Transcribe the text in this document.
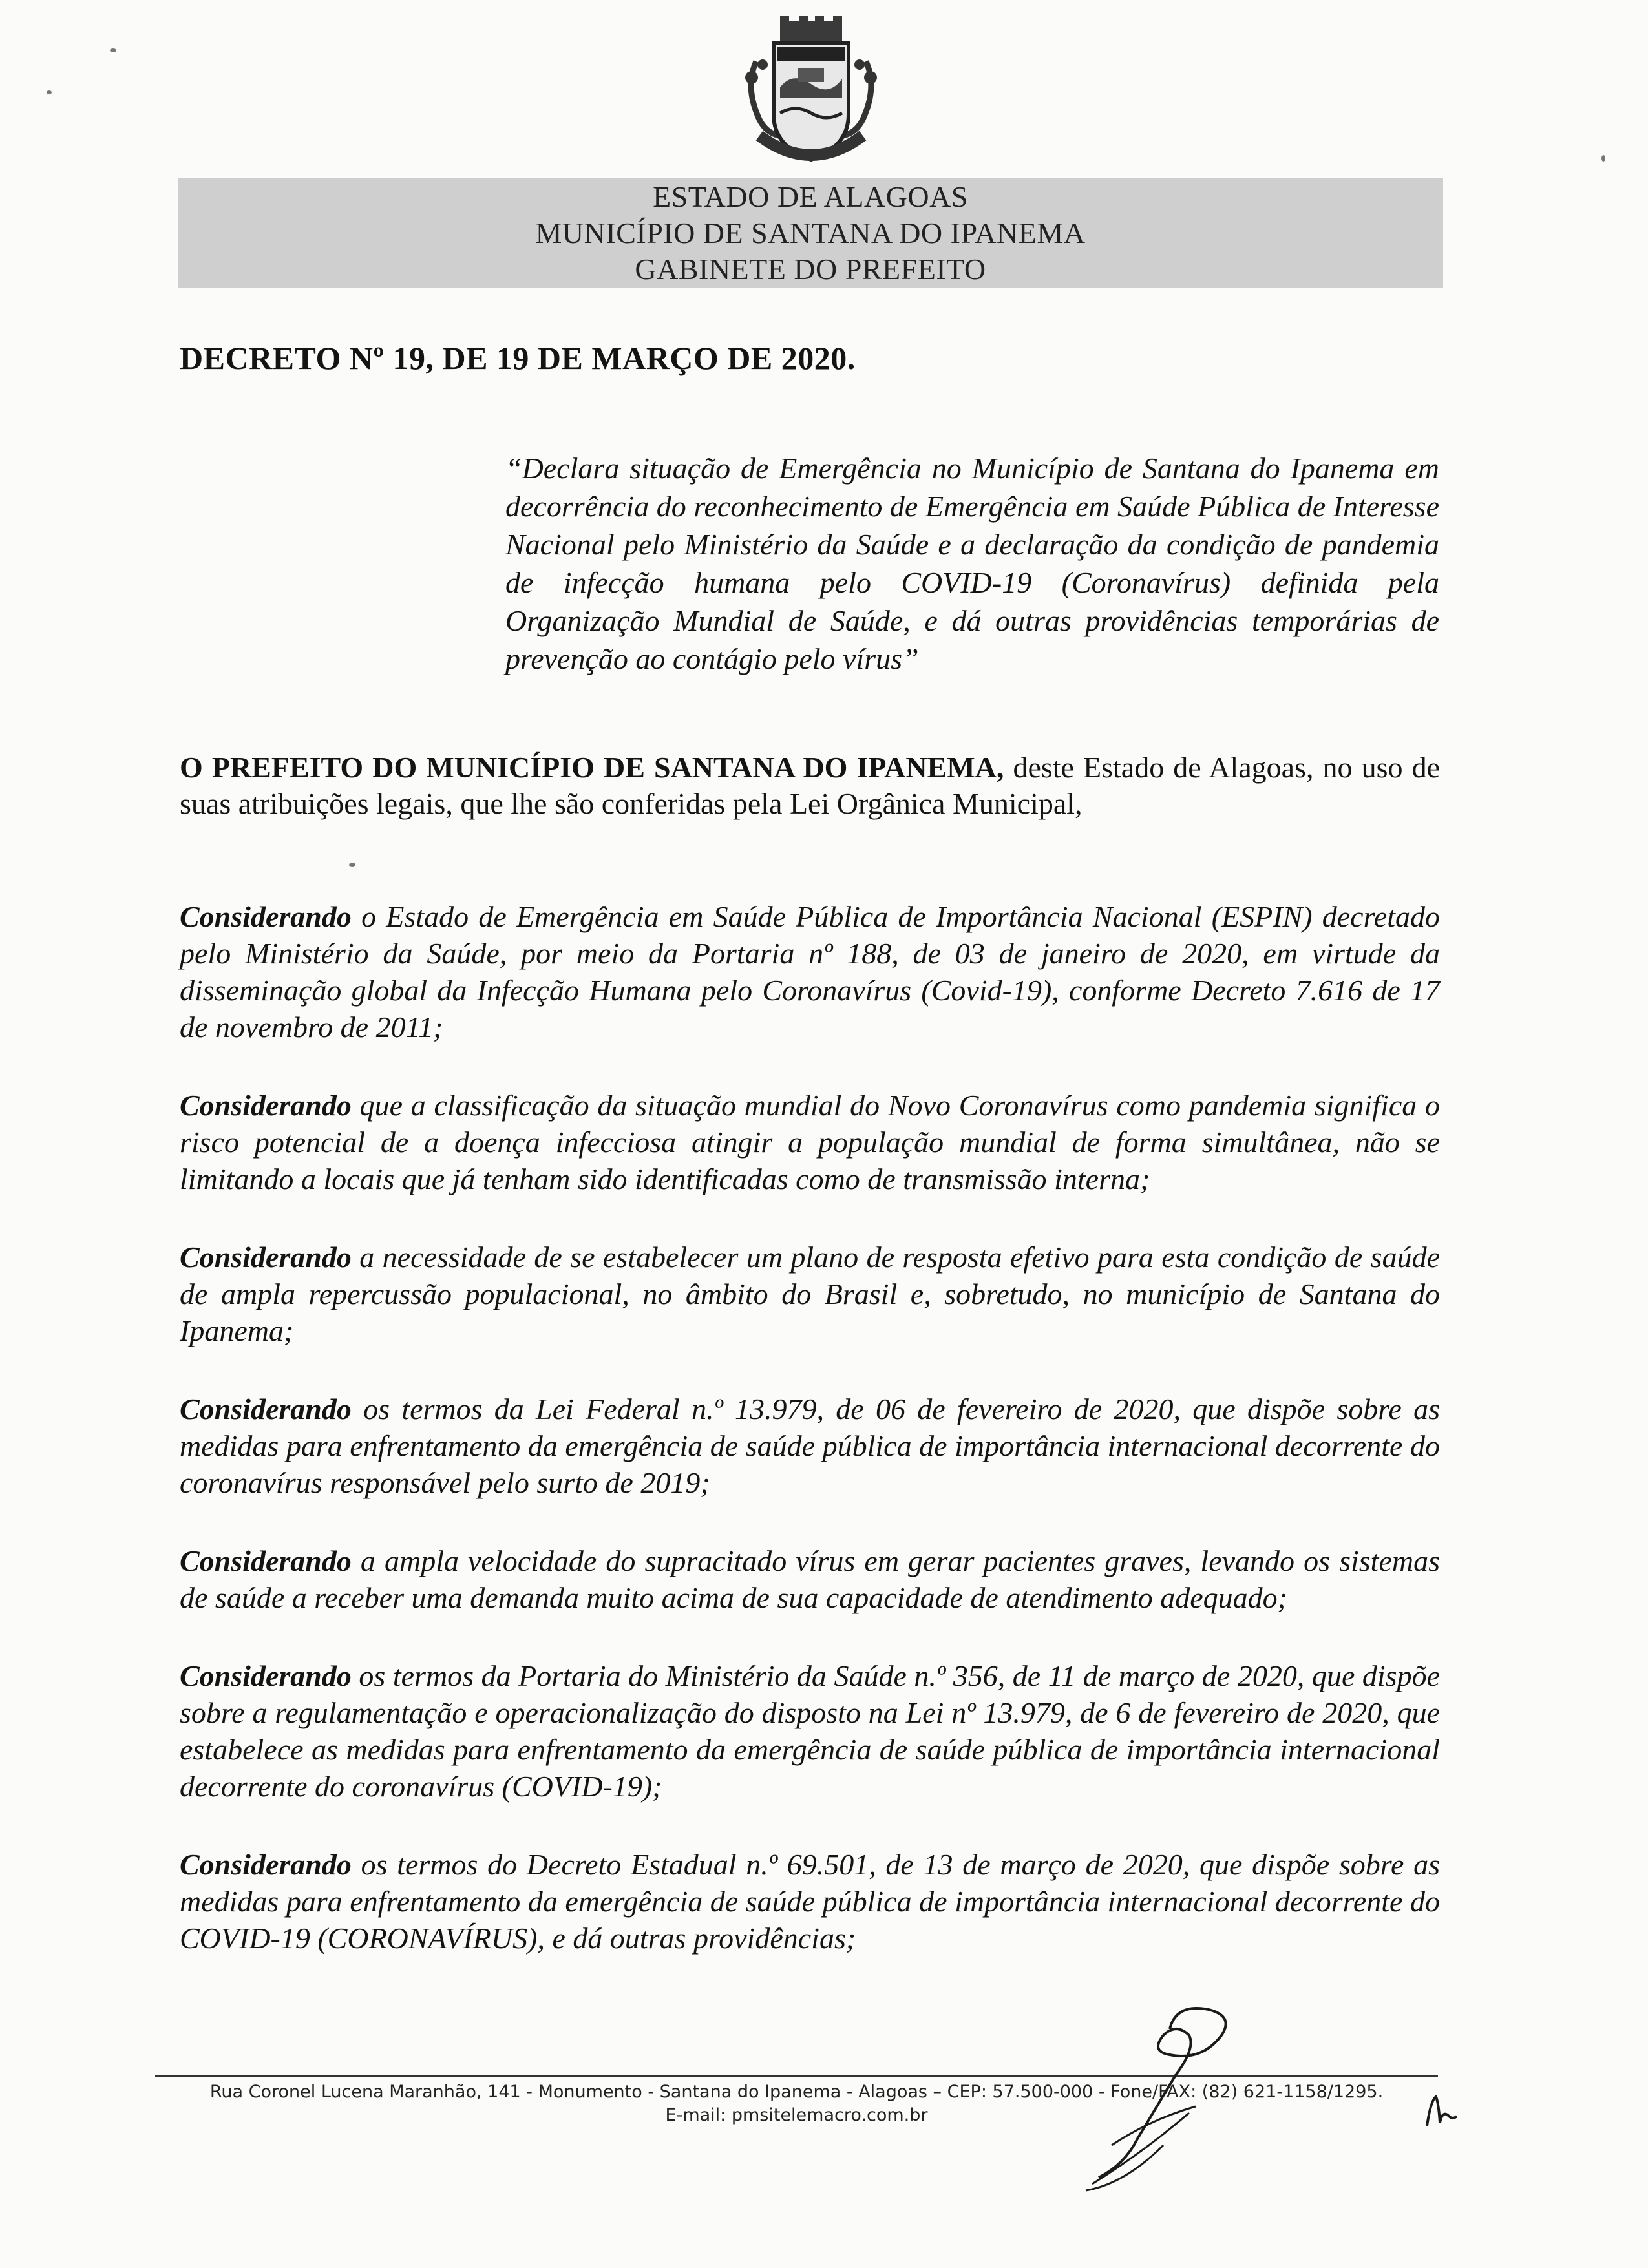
ESTADO DE ALAGOAS
MUNICÍPIO DE SANTANA DO IPANEMA
GABINETE DO PREFEITO
DECRETO Nº 19, DE 19 DE MARÇO DE 2020.
“Declara situação de Emergência no Município de Santana do Ipanema em decorrência do reconhecimento de Emergência em Saúde Pública de Interesse Nacional pelo Ministério da Saúde e a declaração da condição de pandemia de infecção humana pelo COVID-19 (Coronavírus) definida pela Organização Mundial de Saúde, e dá outras providências temporárias de prevenção ao contágio pelo vírus”
O PREFEITO DO MUNICÍPIO DE SANTANA DO IPANEMA, deste Estado de Alagoas, no uso de suas atribuições legais, que lhe são conferidas pela Lei Orgânica Municipal,

Considerando o Estado de Emergência em Saúde Pública de Importância Nacional (ESPIN) decretado pelo Ministério da Saúde, por meio da Portaria nº 188, de 03 de janeiro de 2020, em virtude da disseminação global da Infecção Humana pelo Coronavírus (Covid-19), conforme Decreto 7.616 de 17 de novembro de 2011;

Considerando que a classificação da situação mundial do Novo Coronavírus como pandemia significa o risco potencial de a doença infecciosa atingir a população mundial de forma simultânea, não se limitando a locais que já tenham sido identificadas como de transmissão interna;

Considerando a necessidade de se estabelecer um plano de resposta efetivo para esta condição de saúde de ampla repercussão populacional, no âmbito do Brasil e, sobretudo, no município de Santana do Ipanema;

Considerando os termos da Lei Federal n.º 13.979, de 06 de fevereiro de 2020, que dispõe sobre as medidas para enfrentamento da emergência de saúde pública de importância internacional decorrente do coronavírus responsável pelo surto de 2019;

Considerando a ampla velocidade do supracitado vírus em gerar pacientes graves, levando os sistemas de saúde a receber uma demanda muito acima de sua capacidade de atendimento adequado;

Considerando os termos da Portaria do Ministério da Saúde n.º 356, de 11 de março de 2020, que dispõe sobre a regulamentação e operacionalização do disposto na Lei nº 13.979, de 6 de fevereiro de 2020, que estabelece as medidas para enfrentamento da emergência de saúde pública de importância internacional decorrente do coronavírus (COVID-19);

Considerando os termos do Decreto Estadual n.º 69.501, de 13 de março de 2020, que dispõe sobre as medidas para enfrentamento da emergência de saúde pública de importância internacional decorrente do COVID-19 (CORONAVÍRUS), e dá outras providências;

Rua Coronel Lucena Maranhão, 141 - Monumento - Santana do Ipanema - Alagoas – CEP: 57.500-000 - Fone/FAX: (82) 621-1158/1295.
E-mail: pmsitelemacro.com.br
